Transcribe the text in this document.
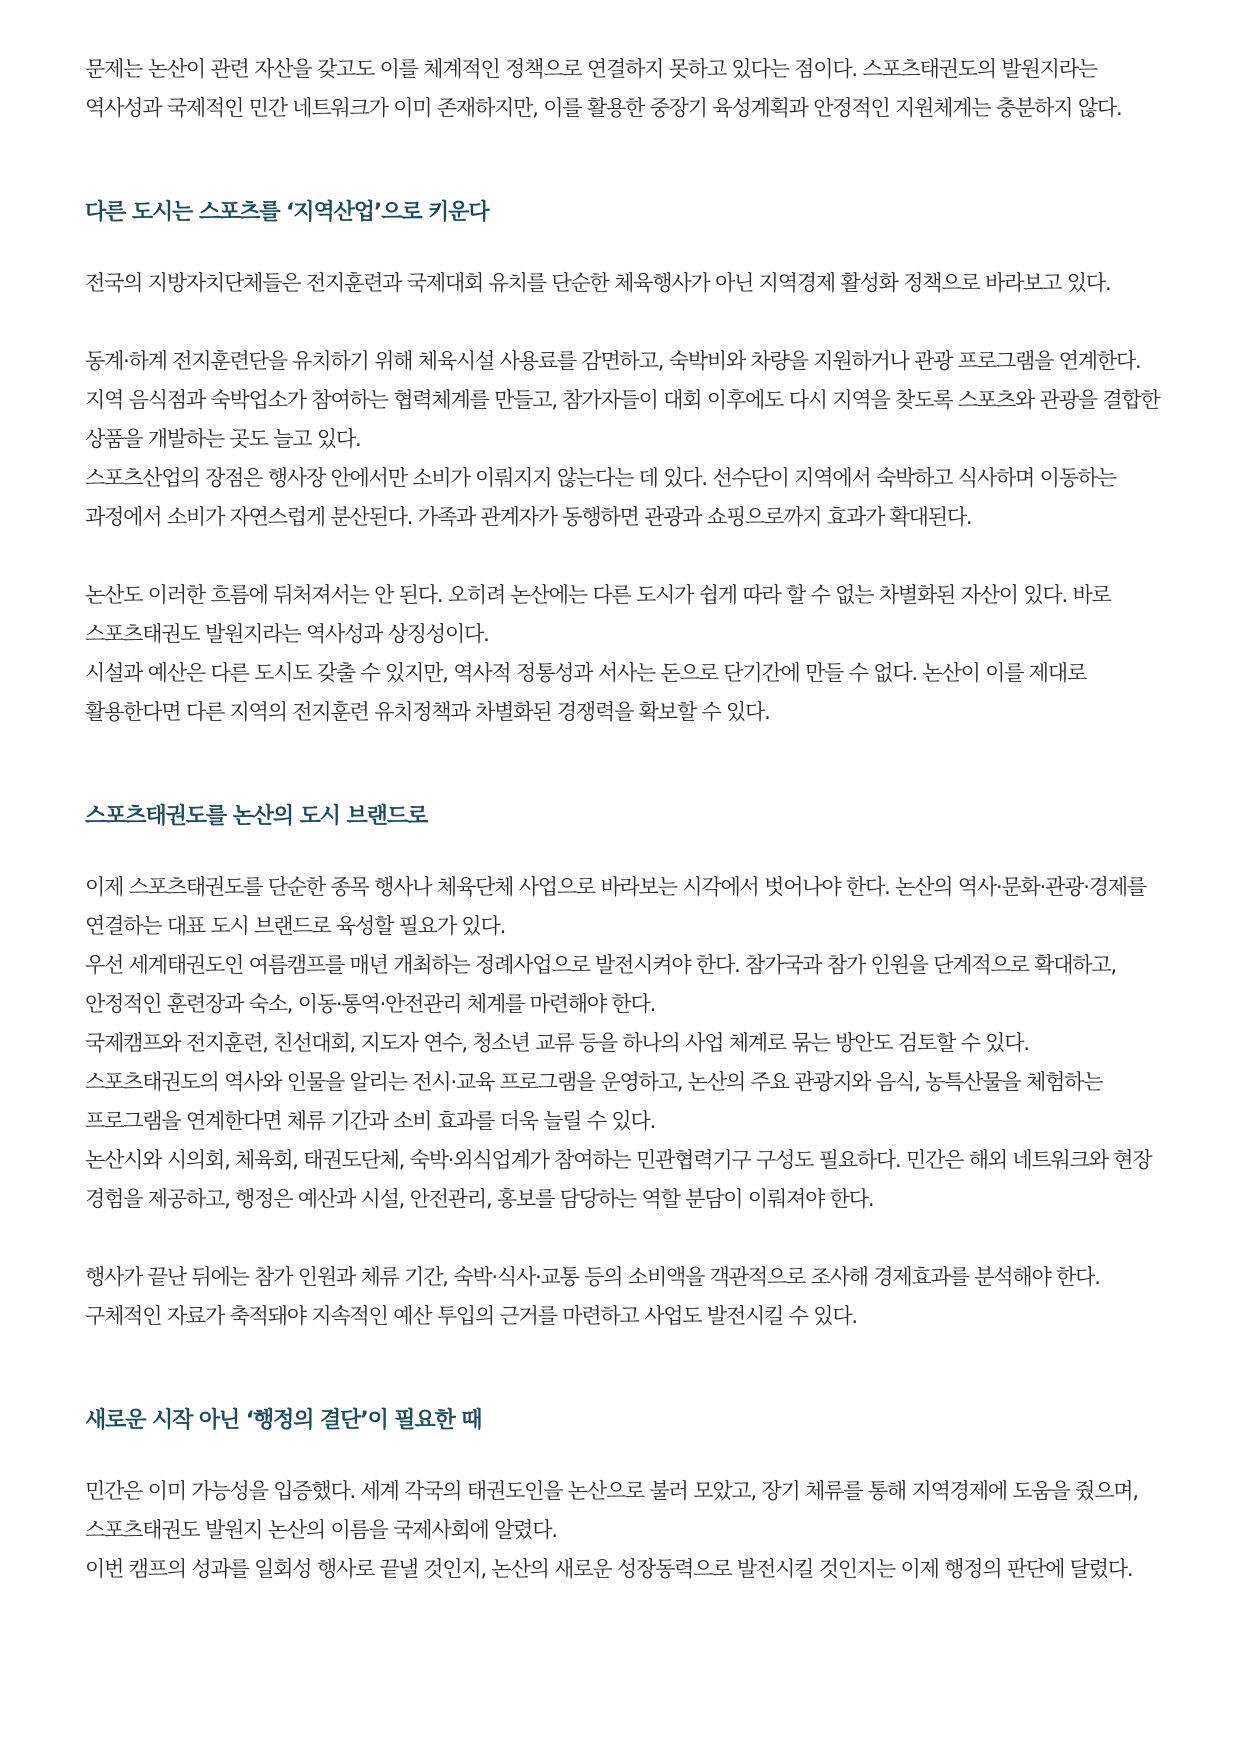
문제는 논산이 관련 자산을 갖고도 이를 체계적인 정책으로 연결하지 못하고 있다는 점이다. 스포츠태권도의 발원지라는 역사성과 국제적인 민간 네트워크가 이미 존재하지만, 이를 활용한 중장기 육성계획과 안정적인 지원체계는 충분하지 않다.

다른 도시는 스포츠를 ‘지역산업’으로 키운다

전국의 지방자치단체들은 전지훈련과 국제대회 유치를 단순한 체육행사가 아닌 지역경제 활성화 정책으로 바라보고 있다.

동계·하계 전지훈련단을 유치하기 위해 체육시설 사용료를 감면하고, 숙박비와 차량을 지원하거나 관광 프로그램을 연계한다. 지역 음식점과 숙박업소가 참여하는 협력체계를 만들고, 참가자들이 대회 이후에도 다시 지역을 찾도록 스포츠와 관광을 결합한 상품을 개발하는 곳도 늘고 있다.

스포츠산업의 장점은 행사장 안에서만 소비가 이뤄지지 않는다는 데 있다. 선수단이 지역에서 숙박하고 식사하며 이동하는 과정에서 소비가 자연스럽게 분산된다. 가족과 관계자가 동행하면 관광과 쇼핑으로까지 효과가 확대된다.

논산도 이러한 흐름에 뒤처져서는 안 된다. 오히려 논산에는 다른 도시가 쉽게 따라 할 수 없는 차별화된 자산이 있다. 바로 스포츠태권도 발원지라는 역사성과 상징성이다.

시설과 예산은 다른 도시도 갖출 수 있지만, 역사적 정통성과 서사는 돈으로 단기간에 만들 수 없다. 논산이 이를 제대로 활용한다면 다른 지역의 전지훈련 유치정책과 차별화된 경쟁력을 확보할 수 있다.

스포츠태권도를 논산의 도시 브랜드로

이제 스포츠태권도를 단순한 종목 행사나 체육단체 사업으로 바라보는 시각에서 벗어나야 한다. 논산의 역사·문화·관광·경제를 연결하는 대표 도시 브랜드로 육성할 필요가 있다.

우선 세계태권도인 여름캠프를 매년 개최하는 정례사업으로 발전시켜야 한다. 참가국과 참가 인원을 단계적으로 확대하고, 안정적인 훈련장과 숙소, 이동·통역·안전관리 체계를 마련해야 한다.

국제캠프와 전지훈련, 친선대회, 지도자 연수, 청소년 교류 등을 하나의 사업 체계로 묶는 방안도 검토할 수 있다. 스포츠태권도의 역사와 인물을 알리는 전시·교육 프로그램을 운영하고, 논산의 주요 관광지와 음식, 농특산물을 체험하는 프로그램을 연계한다면 체류 기간과 소비 효과를 더욱 늘릴 수 있다.

논산시와 시의회, 체육회, 태권도단체, 숙박·외식업계가 참여하는 민관협력기구 구성도 필요하다. 민간은 해외 네트워크와 현장 경험을 제공하고, 행정은 예산과 시설, 안전관리, 홍보를 담당하는 역할 분담이 이뤄져야 한다.

행사가 끝난 뒤에는 참가 인원과 체류 기간, 숙박·식사·교통 등의 소비액을 객관적으로 조사해 경제효과를 분석해야 한다. 구체적인 자료가 축적돼야 지속적인 예산 투입의 근거를 마련하고 사업도 발전시킬 수 있다.

새로운 시작 아닌 ‘행정의 결단’이 필요한 때

민간은 이미 가능성을 입증했다. 세계 각국의 태권도인을 논산으로 불러 모았고, 장기 체류를 통해 지역경제에 도움을 줬으며, 스포츠태권도 발원지 논산의 이름을 국제사회에 알렸다.

이번 캠프의 성과를 일회성 행사로 끝낼 것인지, 논산의 새로운 성장동력으로 발전시킬 것인지는 이제 행정의 판단에 달렸다.
